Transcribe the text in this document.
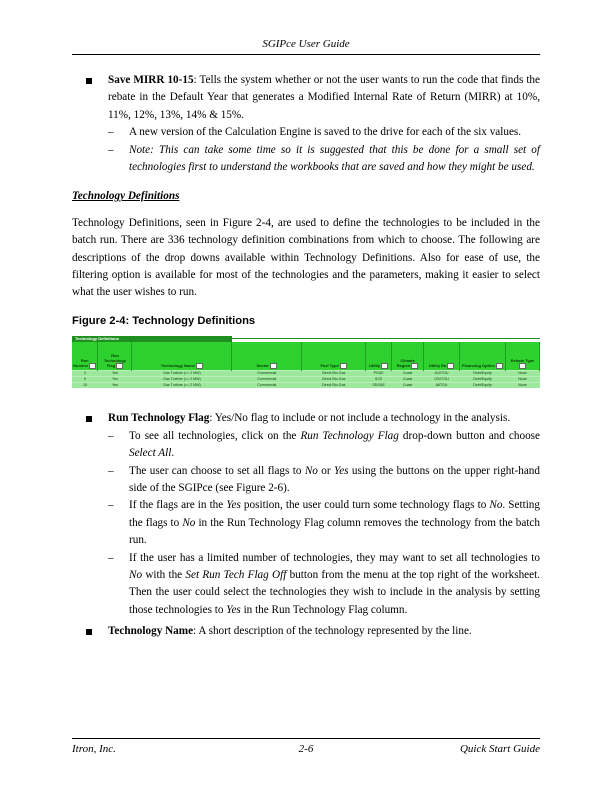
SGIPce User Guide
Save MIRR 10-15: Tells the system whether or not the user wants to run the code that finds the rebate in the Default Year that generates a Modified Internal Rate of Return (MIRR) at 10%, 11%, 12%, 13%, 14% & 15%.
– A new version of the Calculation Engine is saved to the drive for each of the six values.
– Note: This can take some time so it is suggested that this be done for a small set of technologies first to understand the workbooks that are saved and how they might be used.
Technology Definitions
Technology Definitions, seen in Figure 2-4, are used to define the technologies to be included in the batch run. There are 336 technology definition combinations from which to choose. The following are descriptions of the drop downs available within Technology Definitions. Also for ease of use, the filtering option is available for most of the technologies and the parameters, making it easier to select what the user wishes to run.
Figure 2-4: Technology Definitions
Technology Definitions
Run Number	Run Technology Flag	Technology Name	Sector	Fuel Type	Utility	Climate Region	Utility Ra	Financing Option	Rebate Type
3	Yes	Gas Turbine (<= 2 MW)	Commercial	Direct Bio-Gas	PG&E	Coast	A10TOU	Debt/Equity	None
9	Yes	Gas Turbine (<= 2 MW)	Commercial	Direct Bio-Gas	SCE	Coast	GS2TOU	Debt/Equity	None
15	Yes	Gas Turbine (<= 2 MW)	Commercial	Direct Bio-Gas	SDG&E	Coast	A6TOU	Debt/Equity	None
Run Technology Flag: Yes/No flag to include or not include a technology in the analysis.
– To see all technologies, click on the Run Technology Flag drop-down button and choose Select All.
– The user can choose to set all flags to No or Yes using the buttons on the upper right-hand side of the SGIPce (see Figure 2-6).
– If the flags are in the Yes position, the user could turn some technology flags to No. Setting the flags to No in the Run Technology Flag column removes the technology from the batch run.
– If the user has a limited number of technologies, they may want to set all technologies to No with the Set Run Tech Flag Off button from the menu at the top right of the worksheet. Then the user could select the technologies they wish to include in the analysis by setting those technologies to Yes in the Run Technology Flag column.
Technology Name: A short description of the technology represented by the line.
Itron, Inc.	2-6	Quick Start Guide
